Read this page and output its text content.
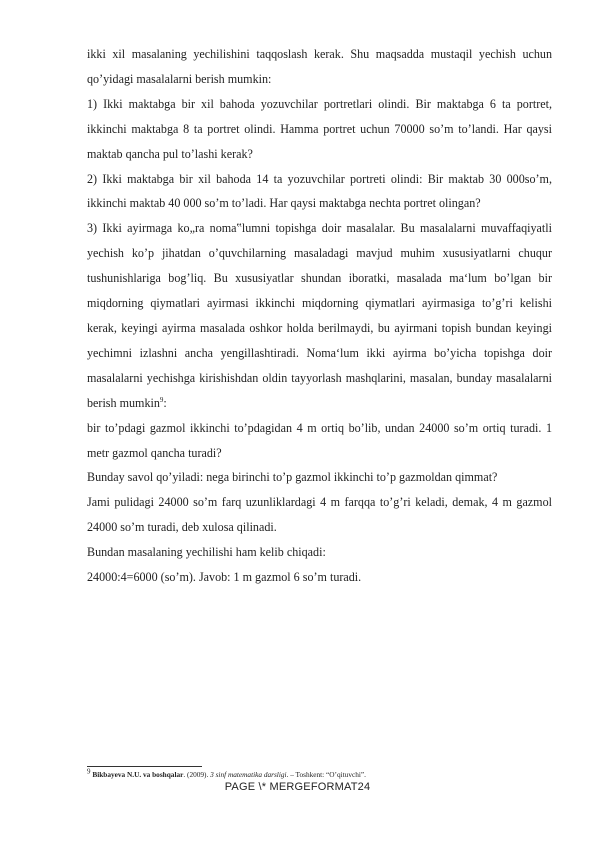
ikki xil masalaning yechilishini taqqoslash kerak. Shu maqsadda mustaqil yechish uchun qo’yidagi masalalarni berish mumkin:

1) Ikki maktabga bir xil bahoda yozuvchilar portretlari olindi. Bir maktabga 6 ta portret, ikkinchi maktabga 8 ta portret olindi. Hamma portret uchun 70000 so’m to’landi. Har qaysi maktab qancha pul to’lashi kerak?

2) Ikki maktabga bir xil bahoda 14 ta yozuvchilar portreti olindi: Bir maktab 30 000so’m, ikkinchi maktab 40 000 so’m to’ladi. Har qaysi maktabga nechta portret olingan?

3) Ikki ayirmaga ko„ra noma‟lumni topishga doir masalalar. Bu masalalarni muvaffaqiyatli yechish ko’p jihatdan o’quvchilarning masaladagi mavjud muhim xususiyatlarni chuqur tushunishlariga bog’liq. Bu xususiyatlar shundan iboratki, masalada ma‘lum bo’lgan bir miqdorning qiymatlari ayirmasi ikkinchi miqdorning qiymatlari ayirmasiga to’g’ri kelishi kerak, keyingi ayirma masalada oshkor holda berilmaydi, bu ayirmani topish bundan keyingi yechimni izlashni ancha yengillashtiradi. Noma‘lum ikki ayirma bo’yicha topishga doir masalalarni yechishga kirishishdan oldin tayyorlash mashqlarini, masalan, bunday masalalarni berish mumkin$^9$:

bir to’pdagi gazmol ikkinchi to’pdagidan 4 m ortiq bo’lib, undan 24000 so’m ortiq turadi. 1 metr gazmol qancha turadi?

Bunday savol qo’yiladi: nega birinchi to’p gazmol ikkinchi to’p gazmoldan qimmat?

Jami pulidagi 24000 so’m farq uzunliklardagi 4 m farqqa to’g’ri keladi, demak, 4 m gazmol 24000 so’m turadi, deb xulosa qilinadi.

Bundan masalaning yechilishi ham kelib chiqadi:

24000:4=6000 (so’m). Javob: 1 m gazmol 6 so’m turadi.

$^9$ Bikbayeva N.U. va boshqalar. (2009). 3 sinf matematika darsligi. – Toshkent: “O’qituvchi”.
PAGE \* MERGEFORMAT24
